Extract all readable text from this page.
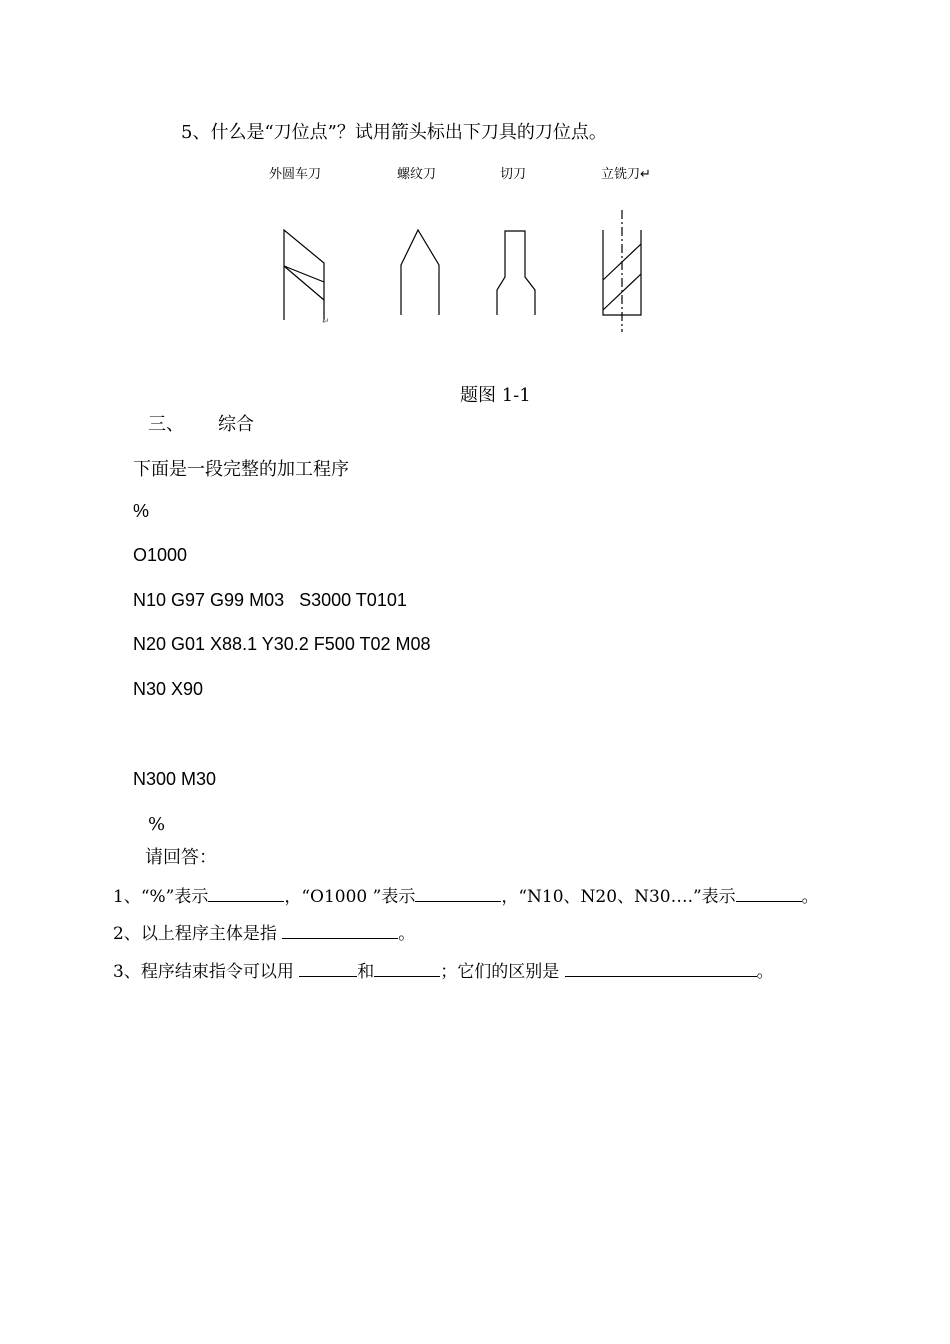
5、什么是“刀位点”？试用箭头标出下刀具的刀位点。
外圆车刀	螺纹刀	切刀	立铣刀↵
↵
题图 1-1
三、 综合
下面是一段完整的加工程序
%
O1000
N10 G97 G99 M03   S3000 T0101
N20 G01 X88.1 Y30.2 F500 T02 M08
N30 X90
N300 M30
%
请回答：
1、“%”表示	，“O1000 ”表示	，“N10、N20、N30….”表示	。
2、以上程序主体是指	。
3、程序结束指令可以用	和	；它们的区别是	。
